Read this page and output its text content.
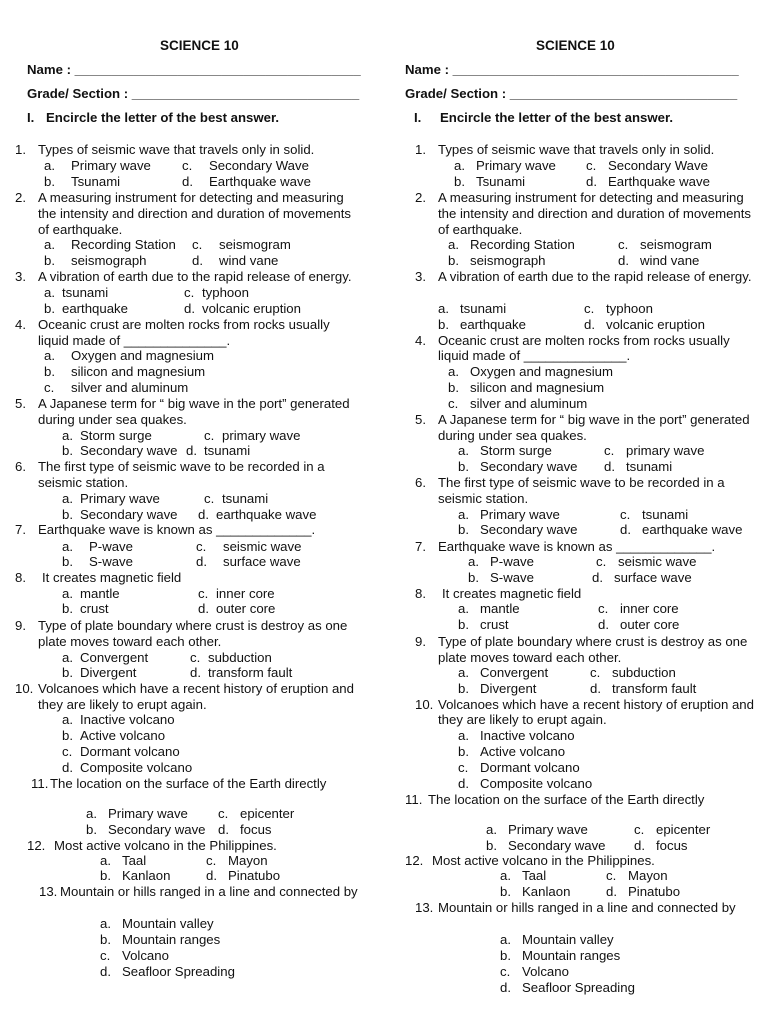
SCIENCE 10
Name : _______________________________________
Grade/ Section : _______________________________
I. Encircle the letter of the best answer.
1. Types of seismic wave that travels only in solid.
a. Primary wave c. Secondary Wave
b. Tsunami	d. Earthquake wave
2. A measuring instrument for detecting and measuring
the intensity and direction and duration of movements
of earthquake.
a. Recording Station c. seismogram
b. seismograph	d. wind vane
3. A vibration of earth due to the rapid release of energy.
a. tsunami	c. typhoon
b. earthquake	d. volcanic eruption
4. Oceanic crust are molten rocks from rocks usually
liquid made of ______________.
a. Oxygen and magnesium
b. silicon and magnesium
c. silver and aluminum
5. A Japanese term for “ big wave in the port” generated
during under sea quakes.
a. Storm surge	c. primary wave
b. Secondary wave d. tsunami
6. The first type of seismic wave to be recorded in a
seismic station.
a. Primary wave	c. tsunami
b. Secondary wave d. earthquake wave
7. Earthquake wave is known as _____________.
a. P-wave	c. seismic wave
b. S-wave	d. surface wave
8. It creates magnetic field
a. mantle	c. inner core
b. crust	d. outer core
9. Type of plate boundary where crust is destroy as one
plate moves toward each other.
a. Convergent	c. subduction
b. Divergent	d. transform fault
10. Volcanoes which have a recent history of eruption and
they are likely to erupt again.
a. Inactive volcano
b. Active volcano
c. Dormant volcano
d. Composite volcano
11. The location on the surface of the Earth directly
a. Primary wave c. epicenter
b. Secondary wave d. focus
12. Most active volcano in the Philippines.
a. Taal	c. Mayon
b. Kanlaon	d. Pinatubo
13. Mountain or hills ranged in a line and connected by
a. Mountain valley
b. Mountain ranges
c. Volcano
d. Seafloor Spreading
SCIENCE 10
Name : _______________________________________
Grade/ Section : _______________________________
I. Encircle the letter of the best answer.
1. Types of seismic wave that travels only in solid.
a. Primary wave c. Secondary Wave
b. Tsunami	d. Earthquake wave
2. A measuring instrument for detecting and measuring
the intensity and direction and duration of movements
of earthquake.
a. Recording Station	c. seismogram
b. seismograph	d. wind vane
3. A vibration of earth due to the rapid release of energy.
a. tsunami	c. typhoon
b. earthquake	d. volcanic eruption
4. Oceanic crust are molten rocks from rocks usually
liquid made of ______________.
a. Oxygen and magnesium
b. silicon and magnesium
c. silver and aluminum
5. A Japanese term for “ big wave in the port” generated
during under sea quakes.
a. Storm surge	c. primary wave
b. Secondary wave d. tsunami
6. The first type of seismic wave to be recorded in a
seismic station.
a. Primary wave	c. tsunami
b. Secondary wave	d. earthquake wave
7. Earthquake wave is known as _____________.
a. P-wave	c. seismic wave
b. S-wave	d. surface wave
8. It creates magnetic field
a. mantle	c. inner core
b. crust	d. outer core
9. Type of plate boundary where crust is destroy as one
plate moves toward each other.
a. Convergent	c. subduction
b. Divergent	d. transform fault
10. Volcanoes which have a recent history of eruption and
they are likely to erupt again.
a. Inactive volcano
b. Active volcano
c. Dormant volcano
d. Composite volcano
11. The location on the surface of the Earth directly
a. Primary wave	c. epicenter
b. Secondary wave d. focus
12. Most active volcano in the Philippines.
a. Taal	c. Mayon
b. Kanlaon	d. Pinatubo
13. Mountain or hills ranged in a line and connected by
a. Mountain valley
b. Mountain ranges
c. Volcano
d. Seafloor Spreading
